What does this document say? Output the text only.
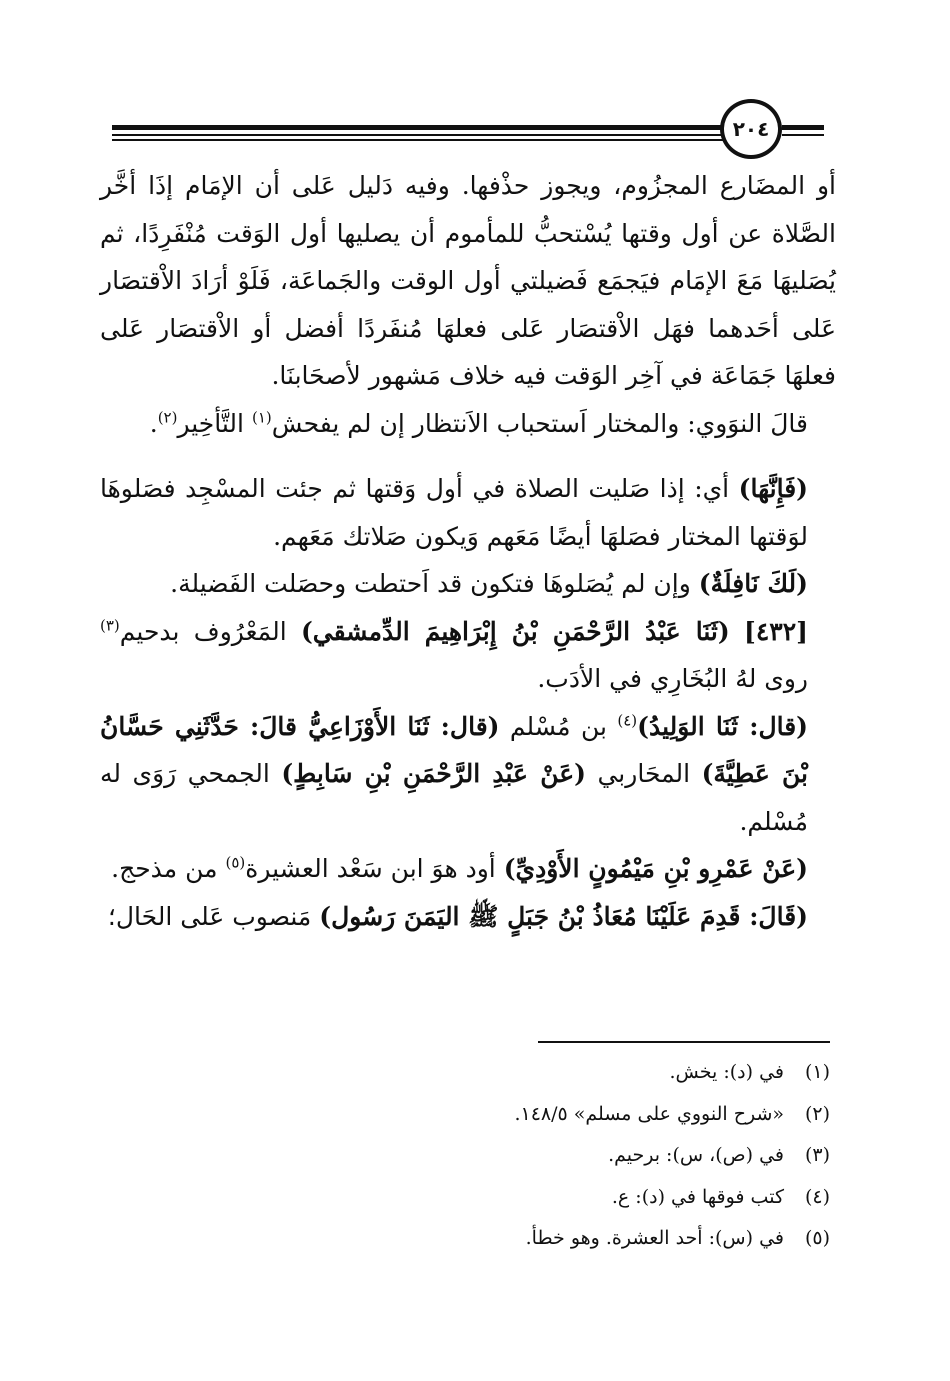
٢٠٤

أو المضَارع المجزُوم، ويجوز حذْفها. وفيه دَليل عَلى أن الإمَام إذَا أخَّر الصَّلاة عن أول وقتها يُسْتحبُّ للمأموم أن يصليها أول الوَقت مُنْفَرِدًا، ثم يُصَليهَا مَعَ الإمَام فيَجمَع فَضيلتي أول الوقت والجَماعَة، فَلَوْ أرَادَ الاْقتصَار عَلى أحَدهما فهَل الاْقتصَار عَلى فعلهَا مُنفَردًا أفضل أو الاْقتصَار عَلى فعلهَا جَمَاعَة في آخِر الوَقت فيه خلاف مَشهور لأصحَابنَا.

قالَ النوَوي: والمختار اَستحباب الاَنتظار إن لم يفحش$^{(١)}$ التَّأخِير$^{(٢)}$.

(فَإِنَّهَا) أي: إذا صَليت الصلاة في أول وَقتها ثم جئت المسْجِد فصَلوهَا لوَقتها المختار فصَلهَا أيضًا مَعَهم وَيكون صَلاتك مَعَهم.

(لَكَ نَافِلَةٌ) وإن لم يُصَلوهَا فتكون قد اَحتطت وحصَلت الفَضيلة.

[٤٣٢] (ثَنَا عَبْدُ الرَّحْمَنِ بْنُ إِبْرَاهِيمَ الدِّمشقي) المَعْرُوف بدحيم$^{(٣)}$ روى لهُ البُخَارِي في الأدَب.

(قال: ثَنَا الوَلِيدُ)$^{(٤)}$ بن مُسْلم (قال: ثَنَا الأَوْزَاعِيُّ قالَ: حَدَّثَنِي حَسَّانُ بْنَ عَطِيَّةَ) المحَاربي (عَنْ عَبْدِ الرَّحْمَنِ بْنِ سَابِطٍ) الجمحي رَوَى له مُسْلم.

(عَنْ عَمْرِو بْنِ مَيْمُونٍ الأَوْدِيِّ) أود هوَ ابن سَعْد العشيرة$^{(٥)}$ من مذحج.

(قَالَ: قَدِمَ عَلَيْنَا مُعَاذُ بْنُ جَبَلٍ ﷺ اليَمَنَ رَسُول) مَنصوب عَلى الحَال؛

(١)في (د): يخش.

(٢)«شرح النووي على مسلم» ١٤٨/٥.

(٣)في (ص)، س): برحيم.

(٤)كتب فوقها في (د): ع.

(٥)في (س): أحد العشرة. وهو خطأ.
